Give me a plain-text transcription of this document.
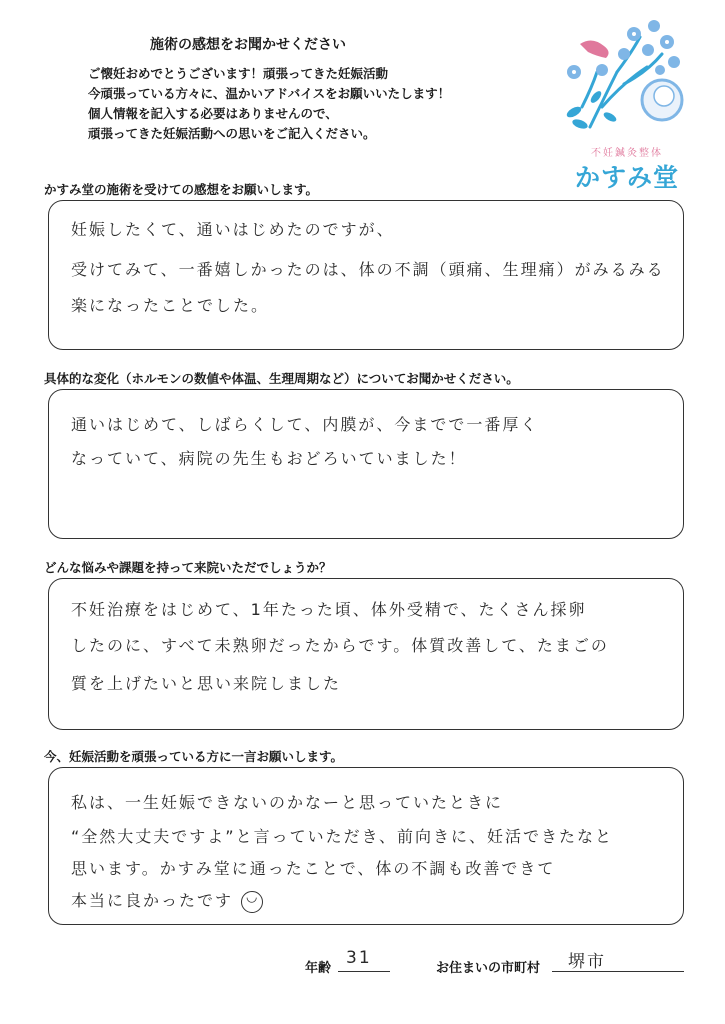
施術の感想をお聞かせください
ご懐妊おめでとうございます！頑張ってきた妊娠活動
今頑張っている方々に、温かいアドバイスをお願いいたします！
個人情報を記入する必要はありませんので、
頑張ってきた妊娠活動への思いをご記入ください。
不妊鍼灸整体
かすみ堂
かすみ堂の施術を受けての感想をお願いします。
妊娠したくて、通いはじめたのですが、
受けてみて、一番嬉しかったのは、体の不調（頭痛、生理痛）がみるみる
楽になったことでした。
具体的な変化（ホルモンの数値や体温、生理周期など）についてお聞かせください。
通いはじめて、しばらくして、内膜が、今までで一番厚く
なっていて、病院の先生もおどろいていました！
どんな悩みや課題を持って来院いただでしょうか？
不妊治療をはじめて、1年たった頃、体外受精で、たくさん採卵
したのに、すべて未熟卵だったからです。体質改善して、たまごの
質を上げたいと思い来院しました
今、妊娠活動を頑張っている方に一言お願いします。
私は、一生妊娠できないのかなーと思っていたときに
“全然大丈夫ですよ”と言っていただき、前向きに、妊活できたなと
思います。かすみ堂に通ったことで、体の不調も改善できて
本当に良かったです◡
年齢
31
お住まいの市町村 堺市
